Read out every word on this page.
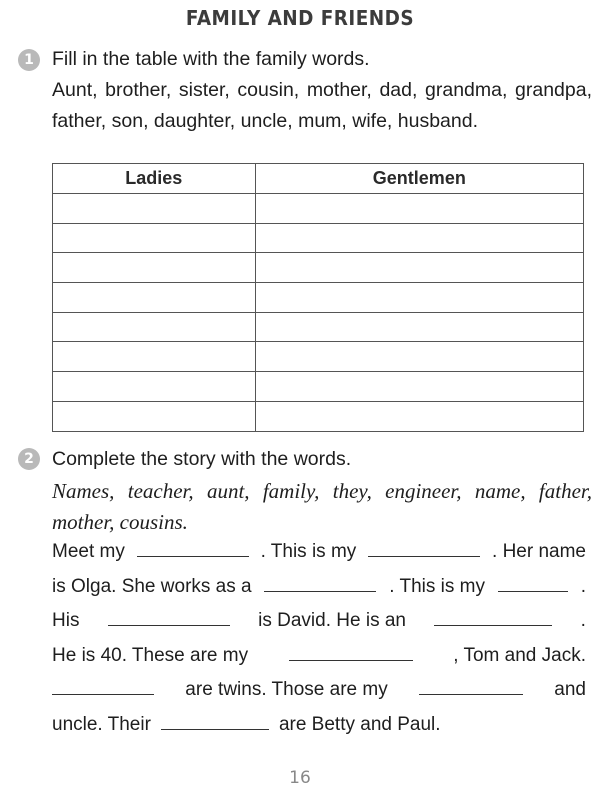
FAMILY AND FRIENDS
1 Fill in the table with the family words.
Aunt, brother, sister, cousin, mother, dad, grandma, grandpa, father, son, daughter, uncle, mum, wife, husband.
Ladies	Gentlemen

2 Complete the story with the words.
Names, teacher, aunt, family, they, engineer, name, father, mother, cousins.
Meet my	. This is my	. Her name
is Olga. She works as a	. This is my	.
His	is David. He is an	.
He is 40. These are my	, Tom and Jack.
are twins. Those are my	and
uncle. Their	are Betty and Paul.
16
